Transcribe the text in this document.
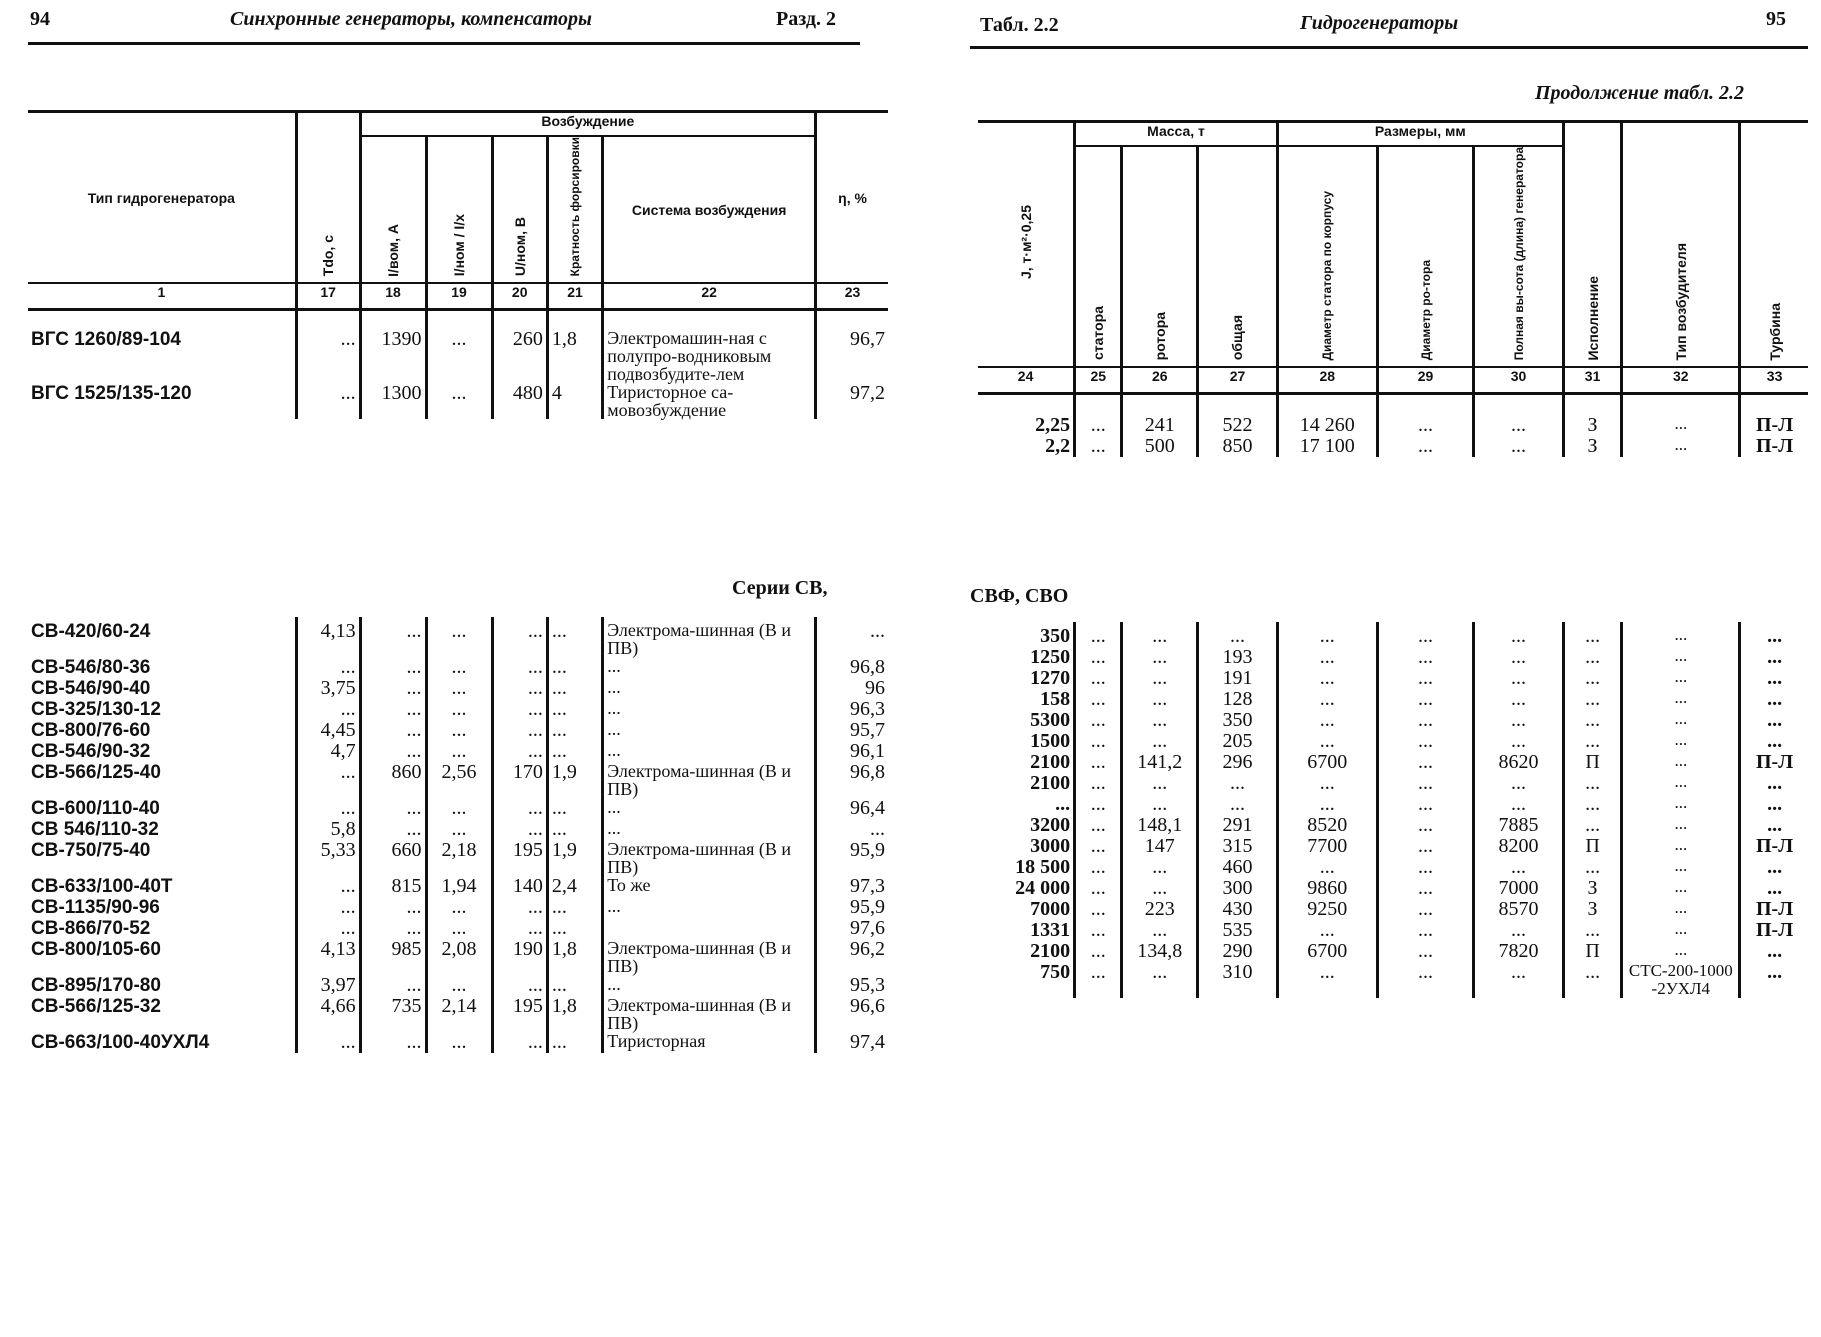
94	Синхронные генераторы, компенсаторы	Разд. 2
Тип гидрогенератора	Tdo, с	Возбуждение					η, %
		I/вом, А	I/ном / I/х	U/ном, В	Кратность форсировки	Система возбуждения	
1	17	18	19	20	21	22	23
ВГС 1260/89-104	...	1390	...	260	1,8	Электромашин-ная с полупро-водниковым подвозбудите-лем	96,7
ВГС 1525/135-120	...	1300	...	480	4	Тиристорное са-мовозбуждение	97,2
Серии СВ,
СВ-420/60-24	4,13	...	...	...	...	Электрома-шинная (В и ПВ)	...
СВ-546/80-36	...	...	...	...	...	...	96,8
СВ-546/90-40	3,75	...	...	...	...	...	96
СВ-325/130-12	...	...	...	...	...	...	96,3
СВ-800/76-60	4,45	...	...	...	...	...	95,7
СВ-546/90-32	4,7	...	...	...	...	...	96,1
СВ-566/125-40	...	860	2,56	170	1,9	Электрома-шинная (В и ПВ)	96,8
СВ-600/110-40	...	...	...	...	...	...	96,4
СВ 546/110-32	5,8	...	...	...	...	...	...
СВ-750/75-40	5,33	660	2,18	195	1,9	Электрома-шинная (В и ПВ)	95,9
СВ-633/100-40Т	...	815	1,94	140	2,4	То же	97,3
СВ-1135/90-96	...	...	...	...	...	...	95,9
СВ-866/70-52	...	...	...	...	...		97,6
СВ-800/105-60	4,13	985	2,08	190	1,8	Электрома-шинная (В и ПВ)	96,2
СВ-895/170-80	3,97	...	...	...	...	...	95,3
СВ-566/125-32	4,66	735	2,14	195	1,8	Электрома-шинная (В и ПВ)	96,6
СВ-663/100-40УХЛ4	...	...	...	...	...	Тиристорная	97,4
Табл. 2.2	Гидрогенераторы	95
Продолжение табл. 2.2
J, т·м²·0,25	Масса, т			Размеры, мм			Исполнение	Тип возбудителя	Турбина
	статора	ротора	общая	Диаметр статора по корпусу	Диаметр ро-тора	Полная вы-сота (длина) генератора			
24	25	26	27	28	29	30	31	32	33
2,25	...	241	522	14 260	...	...	З	...	П-Л
2,2	...	500	850	17 100	...	...	З	...	П-Л
СВФ, СВО
350	...	...	...	...	...	...	...	...	...
1250	...	...	193	...	...	...	...	...	...
1270	...	...	191	...	...	...	...	...	...
158	...	...	128	...	...	...	...	...	...
5300	...	...	350	...	...	...	...	...	...
1500	...	...	205	...	...	...	...	...	...
2100	...	141,2	296	6700	...	8620	П	...	П-Л
2100	...	...	...	...	...	...	...	...	...
...	...	...	...	...	...	...	...	...	...
3200	...	148,1	291	8520	...	7885	...	...	...
3000	...	147	315	7700	...	8200	П	...	П-Л
18 500	...	...	460	...	...	...	...	...	...
24 000	...	...	300	9860	...	7000	З	...	...
7000	...	223	430	9250	...	8570	З	...	П-Л
1331	...	...	535	...	...	...	...	...	П-Л
2100	...	134,8	290	6700	...	7820	П	...	...
750	...	...	310	...	...	...	...	СТС-200-1000-2УХЛ4	...
